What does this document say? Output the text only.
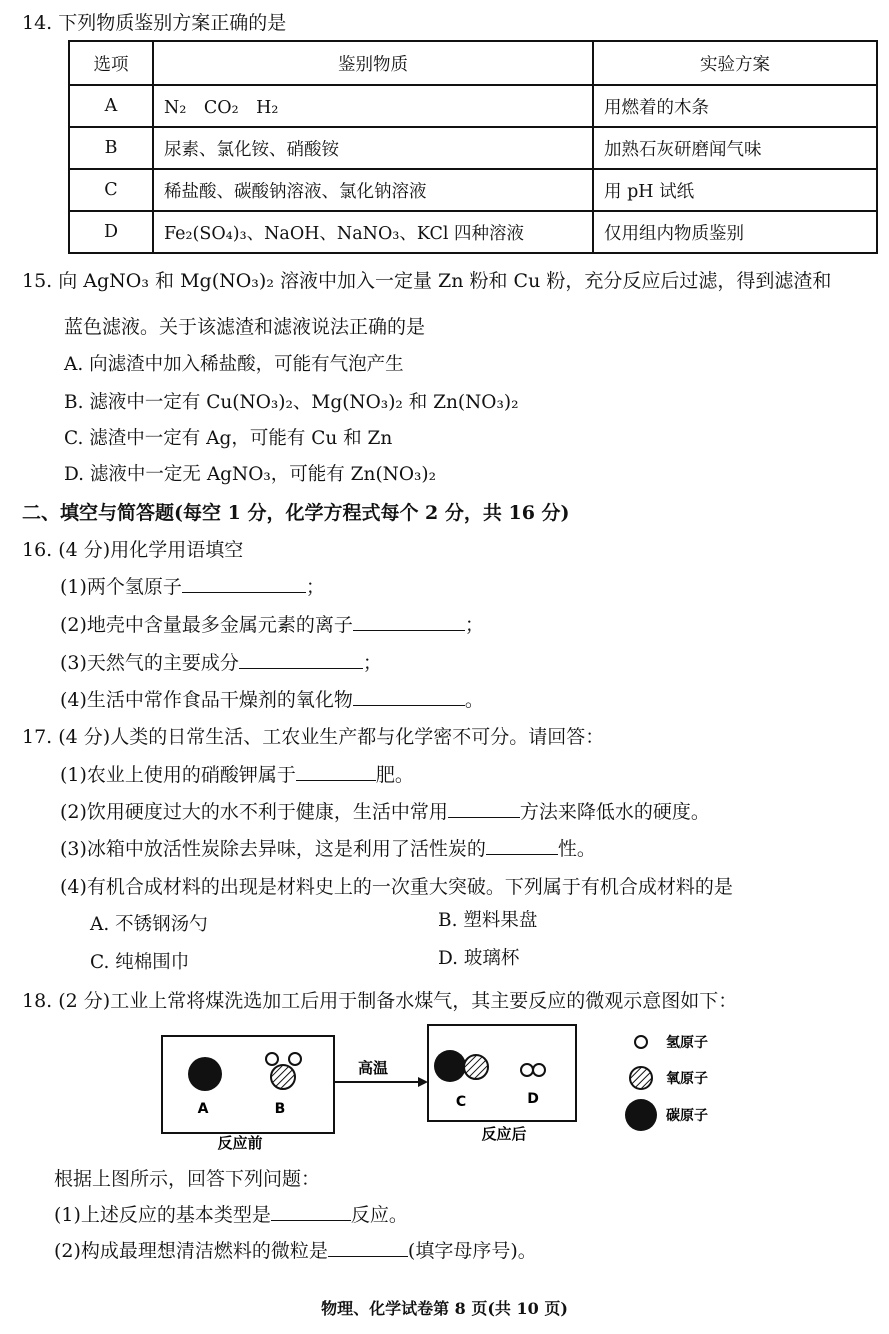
14. 下列物质鉴别方案正确的是
选项	鉴别物质	实验方案
A	N₂　CO₂　H₂	用燃着的木条
B	尿素、氯化铵、硝酸铵	加熟石灰研磨闻气味
C	稀盐酸、碳酸钠溶液、氯化钠溶液	用 pH 试纸
D	Fe₂(SO₄)₃、NaOH、NaNO₃、KCl 四种溶液	仅用组内物质鉴别
15. 向 AgNO₃ 和 Mg(NO₃)₂ 溶液中加入一定量 Zn 粉和 Cu 粉，充分反应后过滤，得到滤渣和
蓝色滤液。关于该滤渣和滤液说法正确的是
A. 向滤渣中加入稀盐酸，可能有气泡产生
B. 滤液中一定有 Cu(NO₃)₂、Mg(NO₃)₂ 和 Zn(NO₃)₂
C. 滤渣中一定有 Ag，可能有 Cu 和 Zn
D. 滤液中一定无 AgNO₃，可能有 Zn(NO₃)₂
二、填空与简答题(每空 1 分，化学方程式每个 2 分，共 16 分)
16. (4 分)用化学用语填空
(1)两个氢原子	；
(2)地壳中含量最多金属元素的离子	；
(3)天然气的主要成分	；
(4)生活中常作食品干燥剂的氧化物	。
17. (4 分)人类的日常生活、工农业生产都与化学密不可分。请回答：
(1)农业上使用的硝酸钾属于	肥。
(2)饮用硬度过大的水不利于健康，生活中常用	方法来降低水的硬度。
(3)冰箱中放活性炭除去异味，这是利用了活性炭的	性。
(4)有机合成材料的出现是材料史上的一次重大突破。下列属于有机合成材料的是
A. 不锈钢汤勺	B. 塑料果盘
C. 纯棉围巾	D. 玻璃杯
18. (2 分)工业上常将煤洗选加工后用于制备水煤气，其主要反应的微观示意图如下：
A	B
反应前
高温
C	D
反应后
氢原子
氧原子
碳原子
根据上图所示，回答下列问题：
(1)上述反应的基本类型是	反应。
(2)构成最理想清洁燃料的微粒是	(填字母序号)。
物理、化学试卷第 8 页(共 10 页)
